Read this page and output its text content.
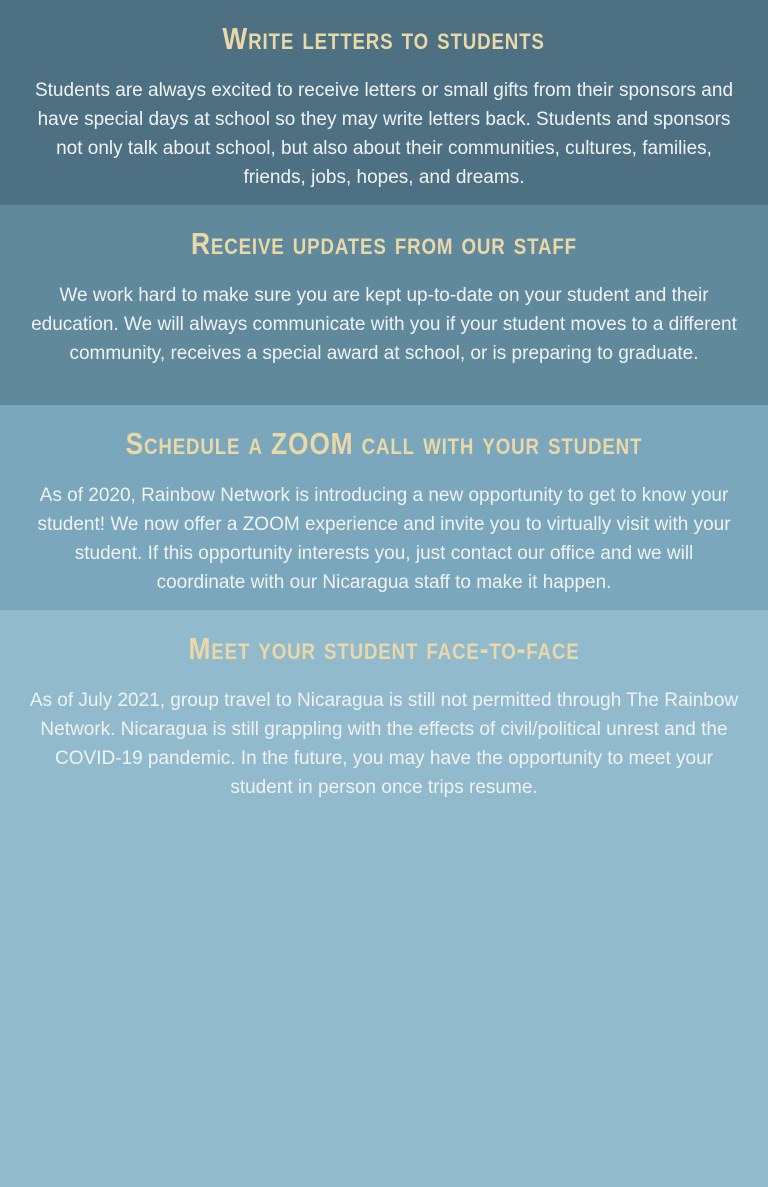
Write letters to students

Students are always excited to receive letters or small gifts from their sponsors and have special days at school so they may write letters back. Students and sponsors not only talk about school, but also about their communities, cultures, families, friends, jobs, hopes, and dreams.

Receive updates from our staff

We work hard to make sure you are kept up-to-date on your student and their education. We will always communicate with you if your student moves to a different community, receives a special award at school, or is preparing to graduate.

Schedule a ZOOM call with your student

As of 2020, Rainbow Network is introducing a new opportunity to get to know your student! We now offer a ZOOM experience and invite you to virtually visit with your student. If this opportunity interests you, just contact our office and we will coordinate with our Nicaragua staff to make it happen.

Meet your student face-to-face

As of July 2021, group travel to Nicaragua is still not permitted through The Rainbow Network. Nicaragua is still grappling with the effects of civil/political unrest and the COVID-19 pandemic. In the future, you may have the opportunity to meet your student in person once trips resume.
